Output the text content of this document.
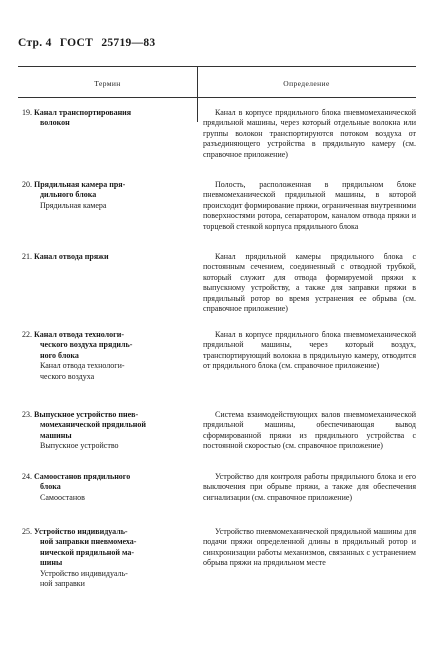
Стр. 4 ГОСТ 25719—83
Термин	Определение
19. Канал транспортирования
волокон
Канал в корпусе прядильного блока пневмомеханической прядильной машины, через который отдельные волокна или группы волокон транспортируются потоком воздуха от разъединяющего устройства в прядильную камеру (см. справочное приложение)
20. Прядильная камера пря-
дильного блока
Прядильная камера
Полость, расположенная в прядильном блоке пневмомеханической прядильной машины, в которой происходит формирование пряжи, ограниченная внутренними поверхностями ротора, сепаратором, каналом отвода пряжи и торцевой стенкой корпуса прядильного блока
21. Канал отвода пряжи	Канал прядильной камеры прядильного блока с постоянным сечением, соединенный с отводной трубкой, который служит для отвода формируемой пряжи к выпускному устройству, а также для заправки пряжи в прядильный ротор во время устранения ее обрыва (см. справочное приложение)
22. Канал отвода технологи-
ческого воздуха прядиль-
ного блока
Канал отвода технологи-
ческого воздуха
Канал в корпусе прядильного блока пневмомеханической прядильной машины, через который воздух, транспортирующий волокна в прядильную камеру, отводится от прядильного блока (см. справочное приложение)
23. Выпускное устройство пнев-
момеханической прядильной
машины
Выпускное устройство
Система взаимодействующих валов пневмомеханической прядильной машины, обеспечивающая вывод сформированной пряжи из прядильного устройства с постоянной скоростью (см. справочное приложение)
24. Самоостанов прядильного
блока
Самоостанов
Устройство для контроля работы прядильного блока и его выключения при обрыве пряжи, а также для обеспечения сигнализации (см. справочное приложение)
25. Устройство индивидуаль-
ной заправки пневмомеха-
нической прядильной ма-
шины
Устройство индивидуаль-
ной заправки
Устройство пневмомеханической прядильной машины для подачи пряжи определенной длины в прядильный ротор и синхронизации работы механизмов, связанных с устранением обрыва пряжи на прядильном месте
